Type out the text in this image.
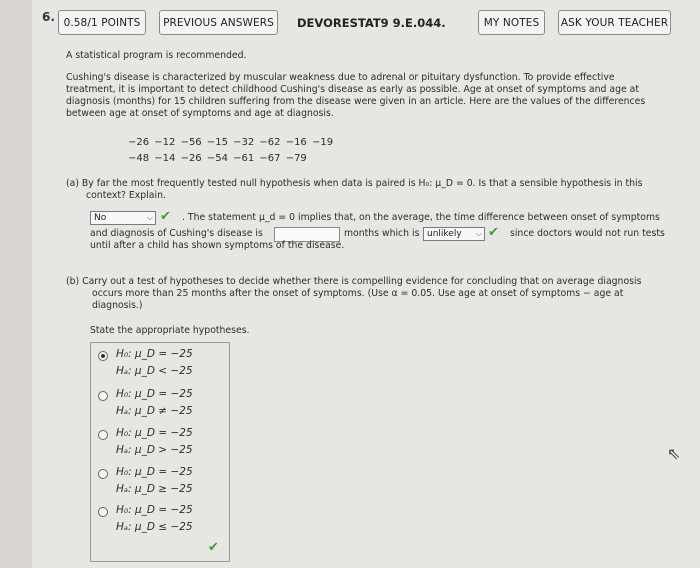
6. 0.58/1 POINTS	PREVIOUS ANSWERS	DEVORESTAT9 9.E.044.	MY NOTES	ASK YOUR TEACHER
A statistical program is recommended.
Cushing's disease is characterized by muscular weakness due to adrenal or pituitary dysfunction. To provide effective
treatment, it is important to detect childhood Cushing's disease as early as possible. Age at onset of symptoms and age at
diagnosis (months) for 15 children suffering from the disease were given in an article. Here are the values of the differences
between age at onset of symptoms and age at diagnosis.
−26 −12 −56 −15 −32 −62 −16 −19
−48 −14 −26 −54 −61 −67 −79
(a) By far the most frequently tested null hypothesis when data is paired is H₀: μ_D = 0. Is that a sensible hypothesis in this
context? Explain.
No	⌵ ✔ . The statement μ_d = 0 implies that, on the average, the time difference between onset of symptoms
and diagnosis of Cushing's disease is	months which is unlikely ⌵ ✔ since doctors would not run tests
until after a child has shown symptoms of the disease.
(b) Carry out a test of hypotheses to decide whether there is compelling evidence for concluding that on average diagnosis
occurs more than 25 months after the onset of symptoms. (Use α = 0.05. Use age at onset of symptoms − age at
diagnosis.)
State the appropriate hypotheses.
H₀: μ_D = −25
Hₐ: μ_D < −25
H₀: μ_D = −25
Hₐ: μ_D ≠ −25
H₀: μ_D = −25
Hₐ: μ_D > −25
H₀: μ_D = −25
Hₐ: μ_D ≥ −25
H₀: μ_D = −25
Hₐ: μ_D ≤ −25
✔
⇖
